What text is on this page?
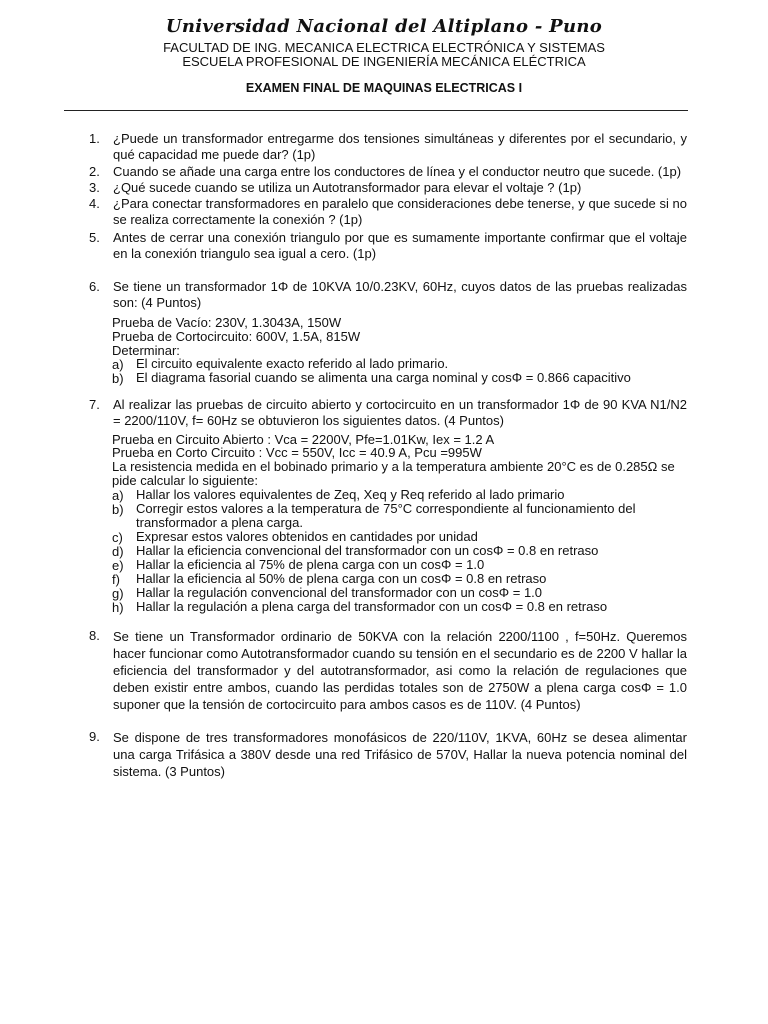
Universidad Nacional del Altiplano - Puno
FACULTAD DE ING. MECANICA ELECTRICA ELECTRÓNICA Y SISTEMAS
ESCUELA PROFESIONAL DE INGENIERÍA MECÁNICA ELÉCTRICA
EXAMEN FINAL DE MAQUINAS ELECTRICAS I
1.	¿Puede un transformador entregarme dos tensiones simultáneas y diferentes por el secundario, y qué capacidad me puede dar? (1p)
2.	Cuando se añade una carga entre los conductores de línea y el conductor neutro que sucede. (1p)
3.	¿Qué sucede cuando se utiliza un Autotransformador para elevar el voltaje ? (1p)
4.	¿Para conectar transformadores en paralelo que consideraciones debe tenerse, y que sucede si no se realiza correctamente la conexión ? (1p)
5.	Antes de cerrar una conexión triangulo por que es sumamente importante confirmar que el voltaje en la conexión triangulo sea igual a cero. (1p)
6.	Se tiene un transformador 1Φ de 10KVA 10/0.23KV, 60Hz, cuyos datos de las pruebas realizadas son: (4 Puntos)
Prueba de Vacío: 230V, 1.3043A, 150W
Prueba de Cortocircuito: 600V, 1.5A, 815W
Determinar:
a) El circuito equivalente exacto referido al lado primario.
b) El diagrama fasorial cuando se alimenta una carga nominal y cosΦ = 0.866 capacitivo
7.	Al realizar las pruebas de circuito abierto y cortocircuito en un transformador 1Φ de 90 KVA N1/N2 = 2200/110V, f= 60Hz se obtuvieron los siguientes datos. (4 Puntos)
Prueba en Circuito Abierto : Vca = 2200V, Pfe=1.01Kw, Iex = 1.2 A
Prueba en Corto Circuito : Vcc = 550V, Icc = 40.9 A, Pcu =995W
La resistencia medida en el bobinado primario y a la temperatura ambiente 20°C es de 0.285Ω se pide calcular lo siguiente:
a) Hallar los valores equivalentes de Zeq, Xeq y Req referido al lado primario
b) Corregir estos valores a la temperatura de 75°C correspondiente al funcionamiento del transformador a plena carga.
c)	Expresar estos valores obtenidos en cantidades por unidad
d) Hallar la eficiencia convencional del transformador con un cosΦ = 0.8 en retraso
e) Hallar la eficiencia al 75% de plena carga con un cosΦ = 1.0
f)	Hallar la eficiencia al 50% de plena carga con un cosΦ = 0.8 en retraso
g) Hallar la regulación convencional del transformador con un cosΦ = 1.0
h) Hallar la regulación a plena carga del transformador con un cosΦ = 0.8 en retraso
8.	Se tiene un Transformador ordinario de 50KVA con la relación 2200/1100 , f=50Hz. Queremos hacer funcionar como Autotransformador cuando su tensión en el secundario es de 2200 V hallar la eficiencia del transformador y del autotransformador, asi como la relación de regulaciones que deben existir entre ambos, cuando las perdidas totales son de 2750W a plena carga cosΦ = 1.0 suponer que la tensión de cortocircuito para ambos casos es de 110V. (4 Puntos)
9.	Se dispone de tres transformadores monofásicos de 220/110V, 1KVA, 60Hz se desea alimentar una carga Trifásica a 380V desde una red Trifásico de 570V, Hallar la nueva potencia nominal del sistema. (3 Puntos)
